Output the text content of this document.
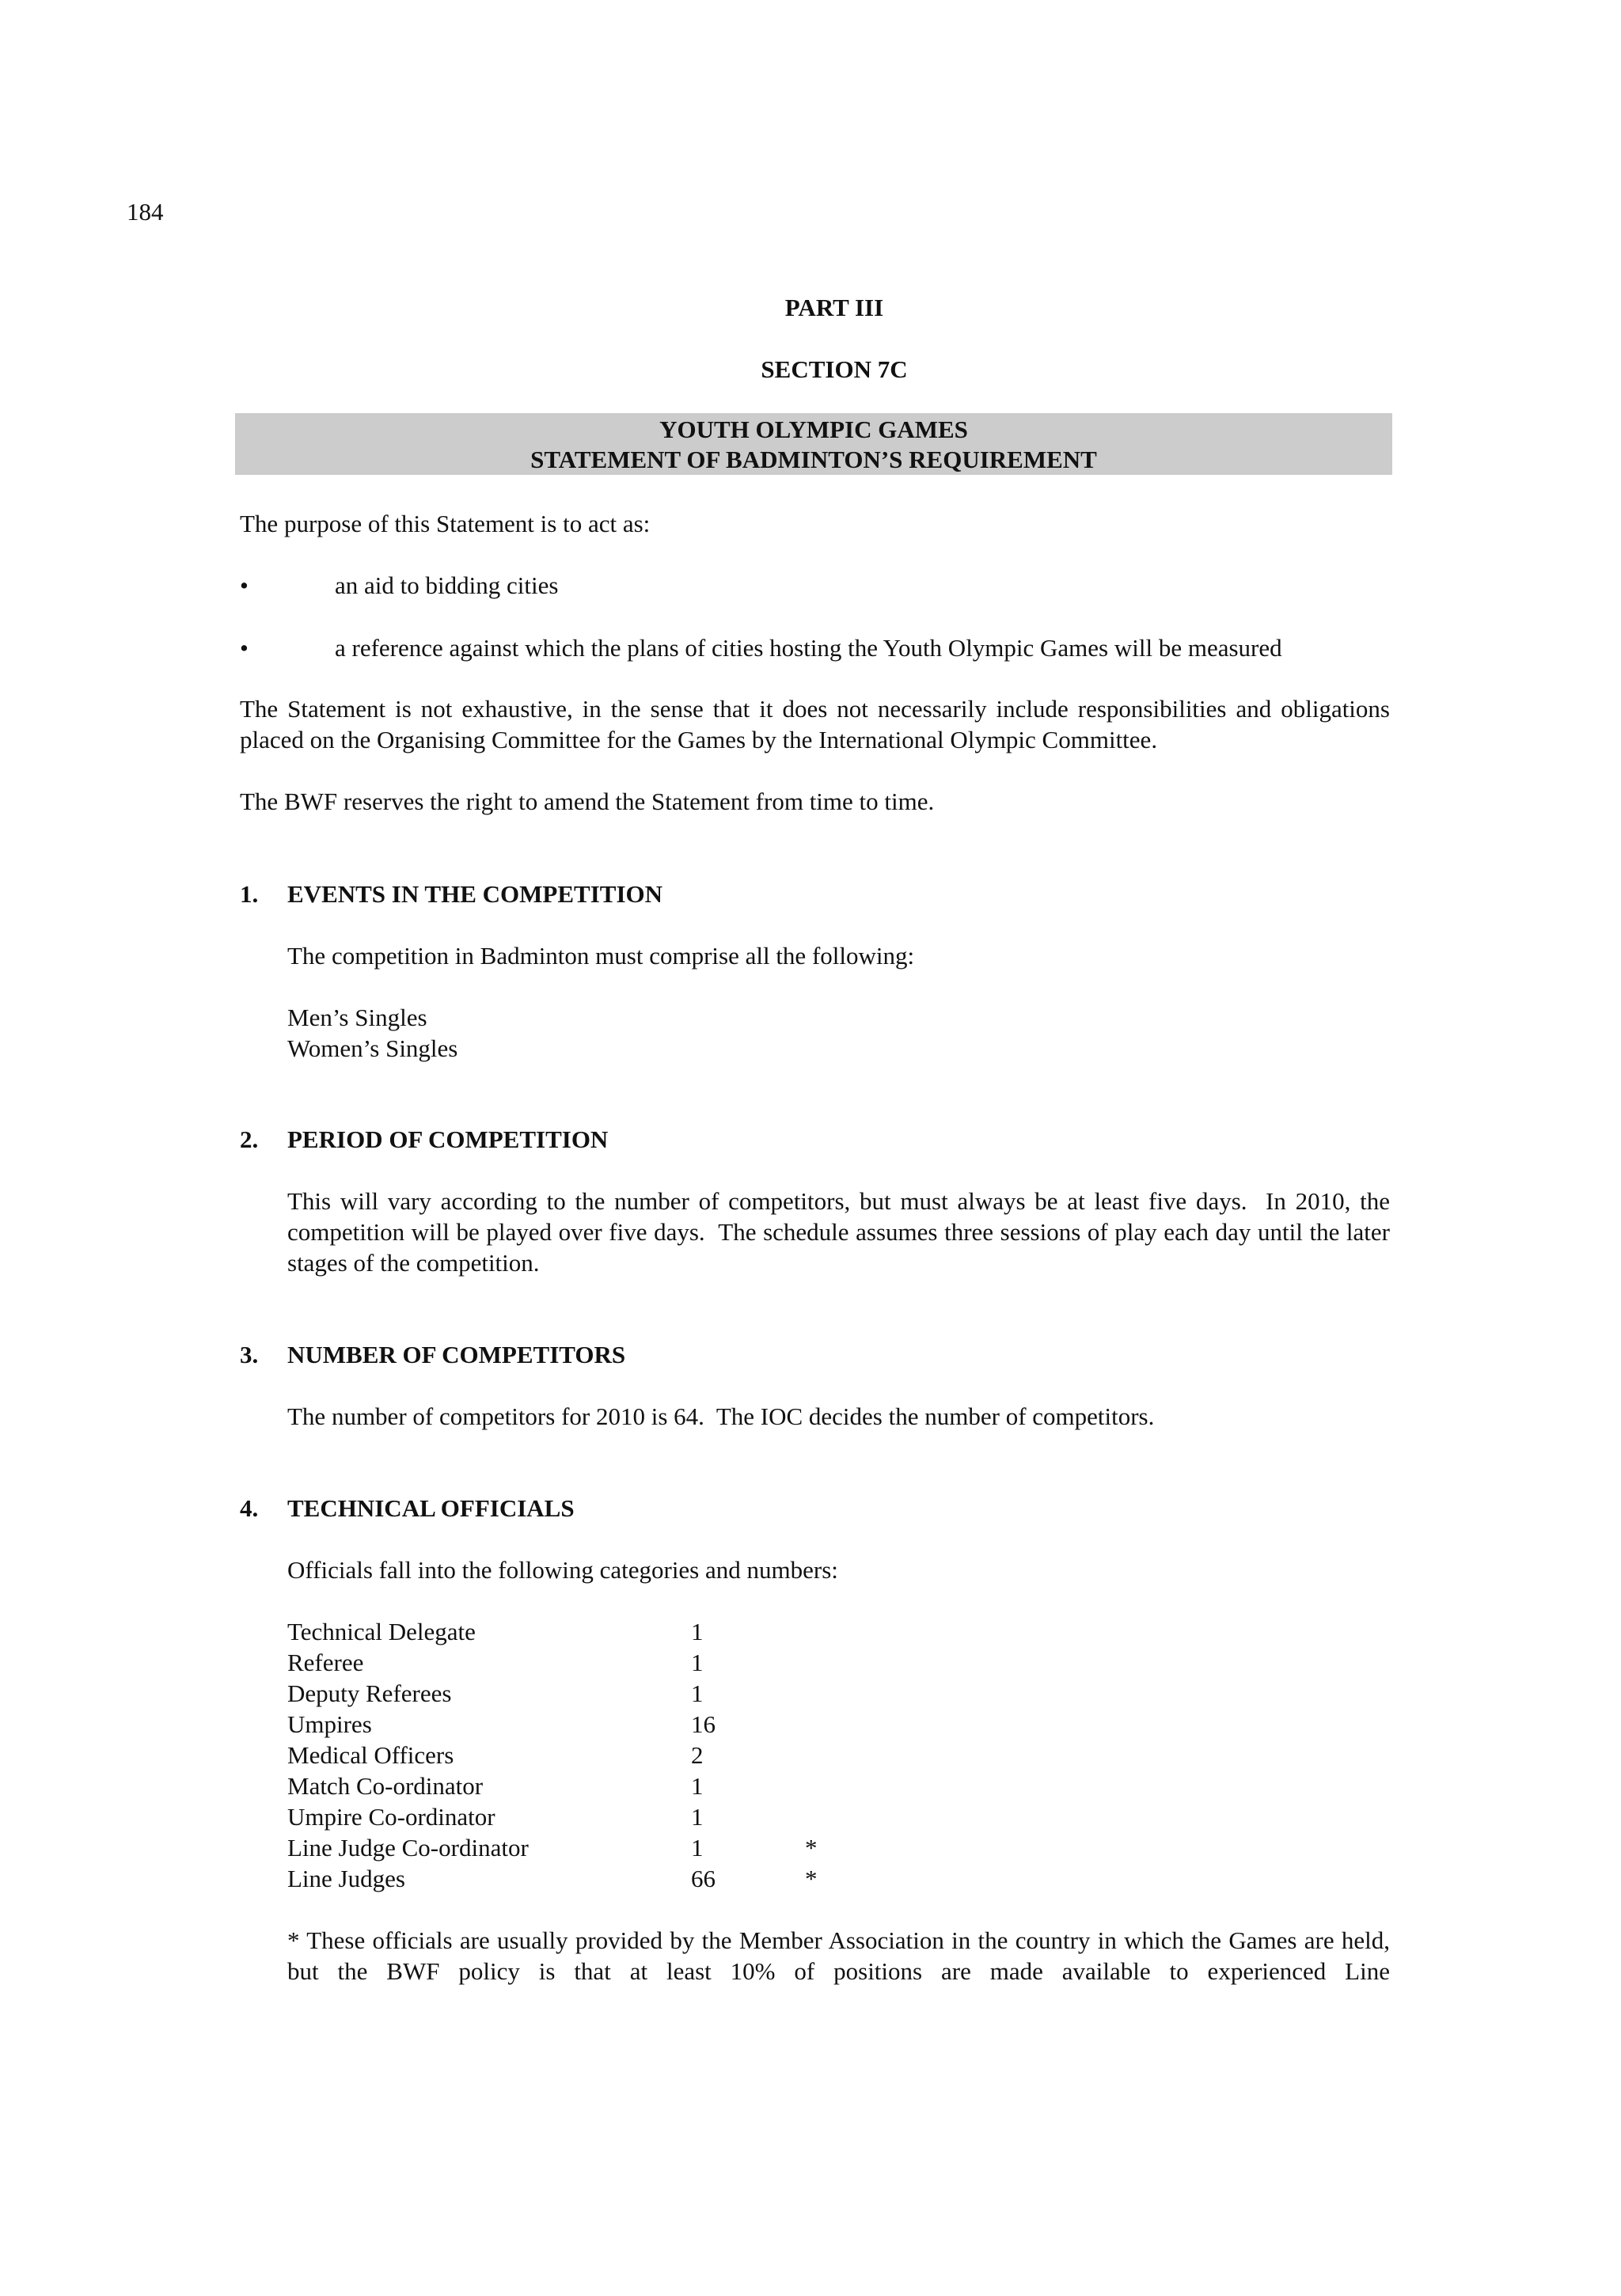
184
PART III
SECTION 7C
YOUTH OLYMPIC GAMES
STATEMENT OF BADMINTON’S REQUIREMENT
The purpose of this Statement is to act as:
•	an aid to bidding cities
•	a reference against which the plans of cities hosting the Youth Olympic Games will be measured
The Statement is not exhaustive, in the sense that it does not necessarily include responsibilities and obligations placed on the Organising Committee for the Games by the International Olympic Committee.
The BWF reserves the right to amend the Statement from time to time.
1. EVENTS IN THE COMPETITION
The competition in Badminton must comprise all the following:
Men’s Singles
Women’s Singles
2. PERIOD OF COMPETITION
This will vary according to the number of competitors, but must always be at least five days.  In 2010, the competition will be played over five days.  The schedule assumes three sessions of play each day until the later stages of the competition.
3. NUMBER OF COMPETITORS
The number of competitors for 2010 is 64.  The IOC decides the number of competitors.
4. TECHNICAL OFFICIALS
Officials fall into the following categories and numbers:
Technical Delegate	1
Referee	1
Deputy Referees	1
Umpires	16
Medical Officers	2
Match Co-ordinator	1
Umpire Co-ordinator	1
Line Judge Co-ordinator	1	*
Line Judges	66	*
* These officials are usually provided by the Member Association in the country in which the Games are held, but the BWF policy is that at least 10% of positions are made available to experienced Line
